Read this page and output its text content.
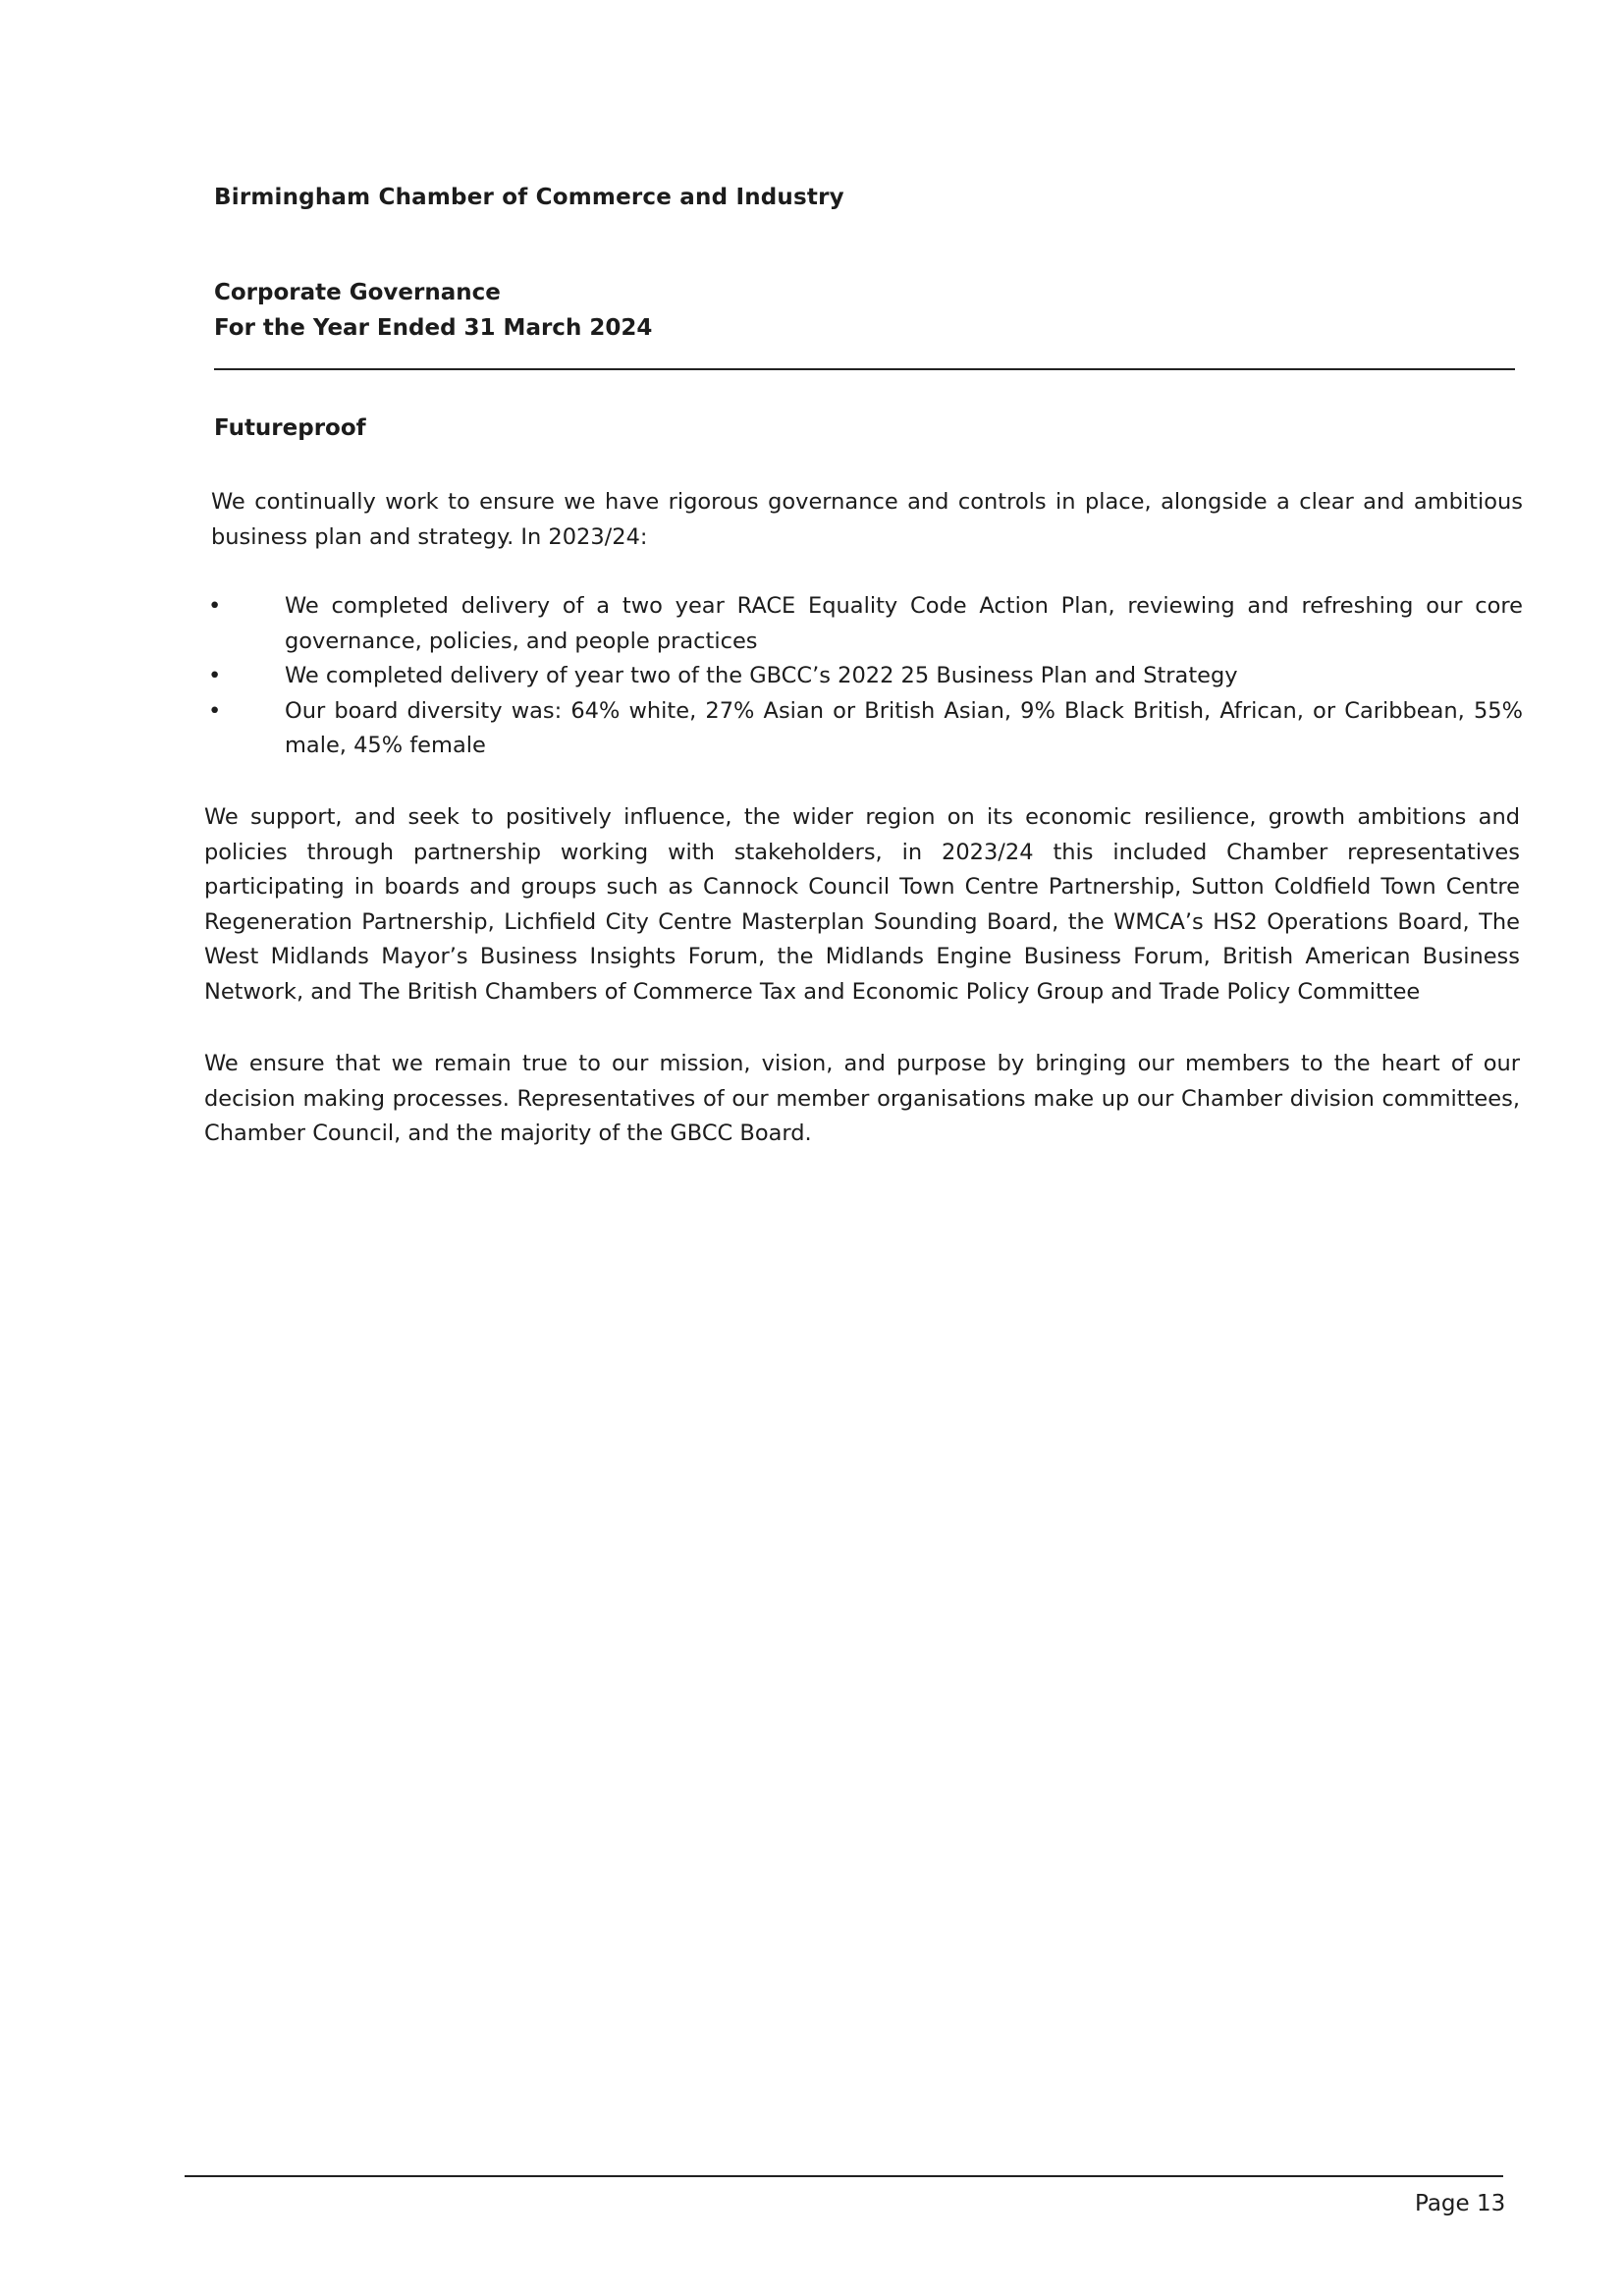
Birmingham Chamber of Commerce and Industry
Corporate Governance
For the Year Ended 31 March 2024
Futureproof

We continually work to ensure we have rigorous governance and controls in place, alongside a clear and ambitious business plan and strategy. In 2023/24:

•	We completed delivery of a two year RACE Equality Code Action Plan, reviewing and refreshing our core governance, policies, and people practices
•	We completed delivery of year two of the GBCC’s 2022 25 Business Plan and Strategy
•	Our board diversity was: 64% white, 27% Asian or British Asian, 9% Black British, African, or Caribbean, 55% male, 45% female

We support, and seek to positively influence, the wider region on its economic resilience, growth ambitions and policies through partnership working with stakeholders, in 2023/24 this included Chamber representatives participating in boards and groups such as Cannock Council Town Centre Partnership, Sutton Coldfield Town Centre Regeneration Partnership, Lichfield City Centre Masterplan Sounding Board, the WMCA’s HS2 Operations Board, The West Midlands Mayor’s Business Insights Forum, the Midlands Engine Business Forum, British American Business Network, and The British Chambers of Commerce Tax and Economic Policy Group and Trade Policy Committee

We ensure that we remain true to our mission, vision, and purpose by bringing our members to the heart of our decision making processes. Representatives of our member organisations make up our Chamber division committees, Chamber Council, and the majority of the GBCC Board.

Page 13
